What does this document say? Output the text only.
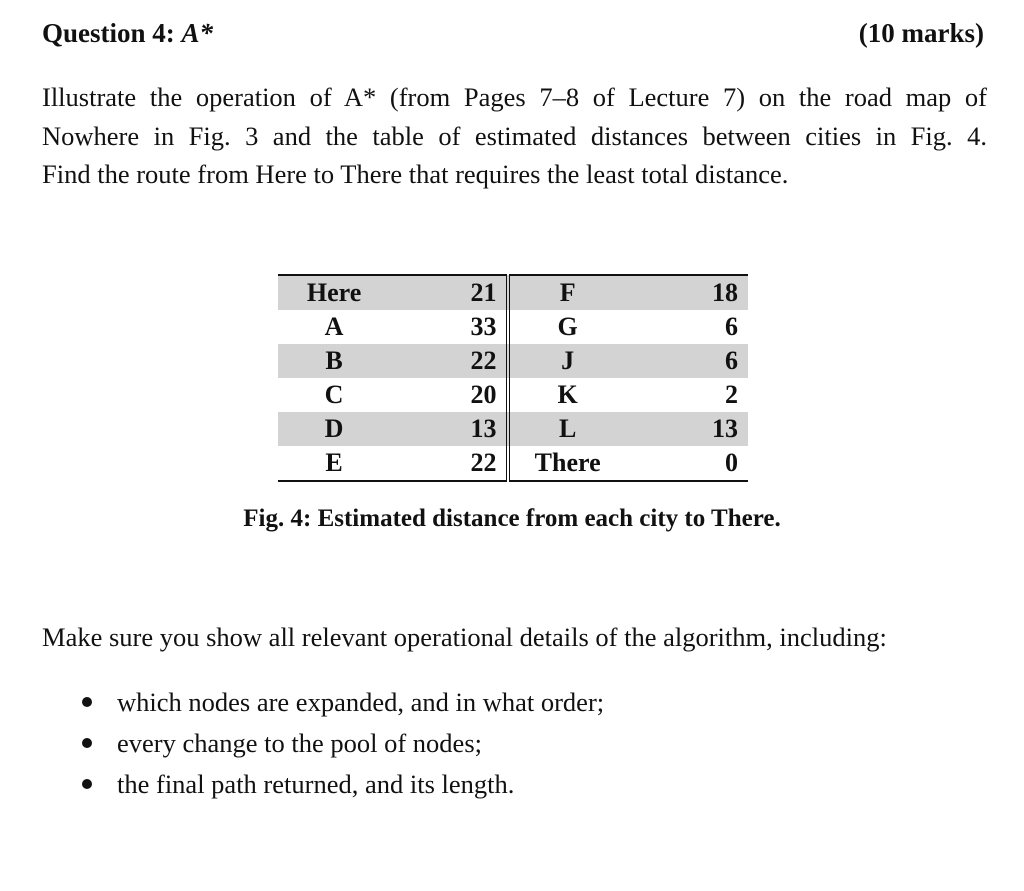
Question 4: A*	(10 marks)
Illustrate the operation of A* (from Pages 7–8 of Lecture 7) on the road map of
Nowhere in Fig. 3 and the table of estimated distances between cities in Fig. 4.
Find the route from Here to There that requires the least total distance.
Here	21	F	18
A	33	G	6
B	22	J	6
C	20	K	2
D	13	L	13
E	22	There	0
Fig. 4: Estimated distance from each city to There.
Make sure you show all relevant operational details of the algorithm, including:
which nodes are expanded, and in what order;
every change to the pool of nodes;
the final path returned, and its length.
